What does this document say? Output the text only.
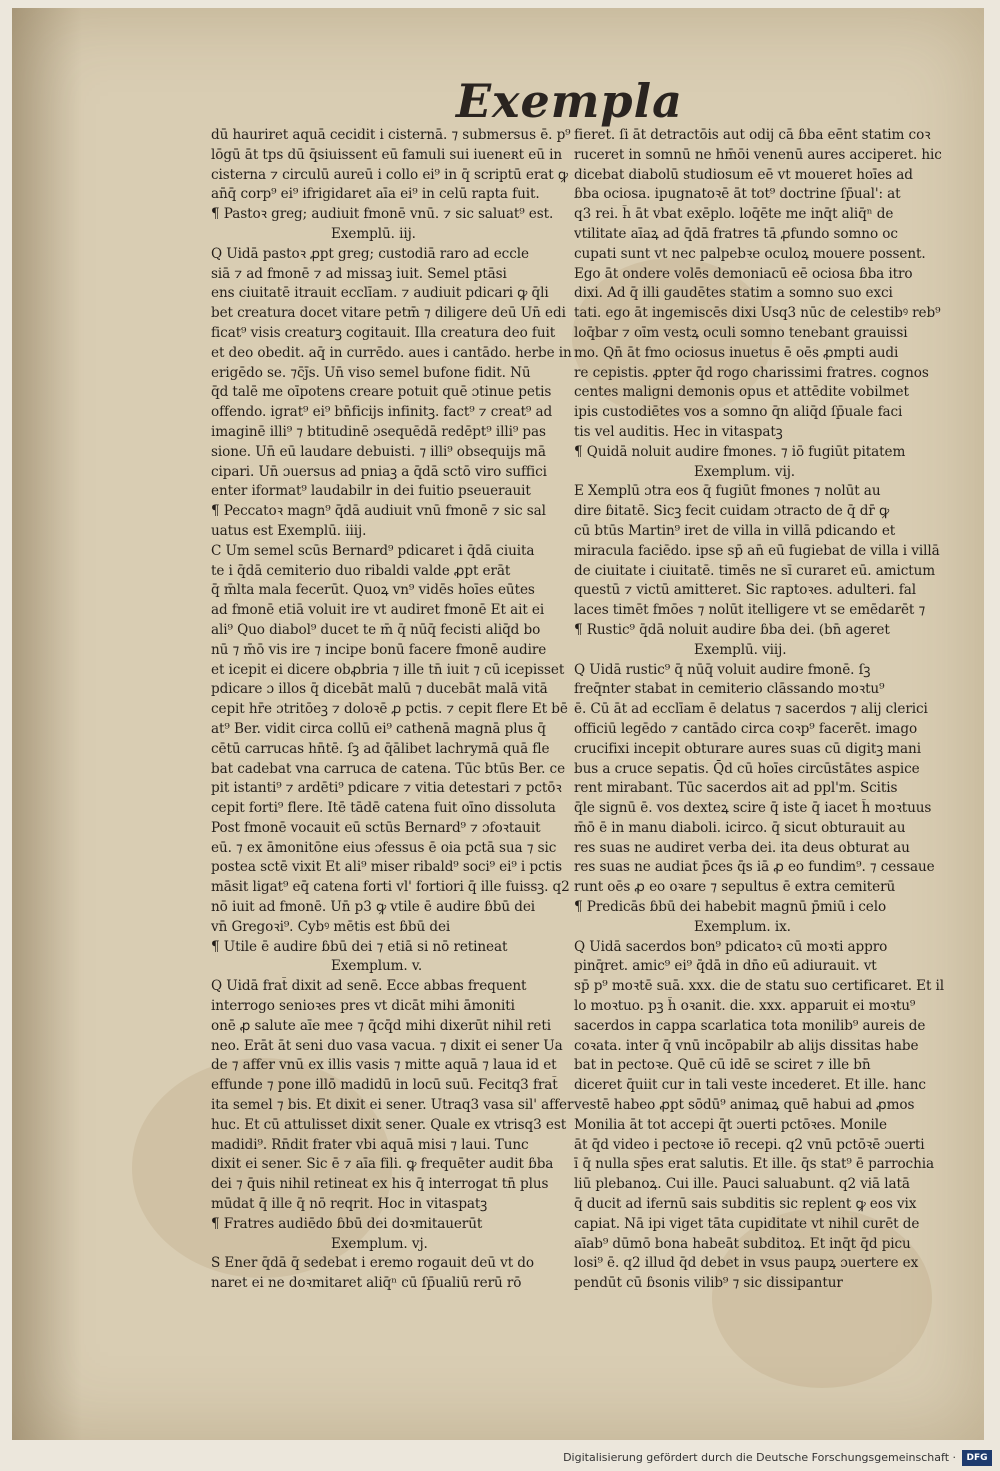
Exempla

dū hauriret aquā cecidit i cisternā. ⁊ submersus ē. p⁹

lōgū āt tps dū q̄siuissent eū famuli sui iueneʀt eū in

cisterna ⁊ circulū aureū i collo ei⁹ in q̄ scriptū erat ꝙ

an̄q̄ corp⁹ ei⁹ ifrigidaret aīa ei⁹ in celū rapta fuit.

¶ Pastoꝛ greg; audiuit fmonē vnū. ⁊ sic saluat⁹ est.

Exemplū. iij.

Q Uidā pastoꝛ ꝓpt greg; custodiā raro ad eccle

siā ⁊ ad fmonē ⁊ ad missaꝫ iuit. Semel ptāsi

ens ciuitatē itrauit ecclīam. ⁊ audiuit pdicari ꝙ q̄li

bet creatura docet vitare petm̄ ⁊ diligere deū Un̄ edi

ficat⁹ visis creaturꝫ cogitauit. Illa creatura deo fuit

et deo obedit. aq̄ in currēdo. aues i cantādo. herbe in

erigēdo se. ⁊c̄j̄s. Un̄ viso semel bufone fidit. Nū

q̄d talē me oīpotens creare potuit quē ɔtinue petis

offendo. igrat⁹ ei⁹ bn̄ficijs infinitꝫ. fact⁹ ⁊ creat⁹ ad

imaginē illi⁹ ⁊ btitudinē ɔsequēdā redēpt⁹ illi⁹ pas

sione. Un̄ eū laudare debuisti. ⁊ illi⁹ obsequijs mā

cipari. Un̄ ɔuersus ad pniaꝫ a q̄dā sctō viro suffici

enter iformat⁹ laudabilr in dei fuitio pseuerauit

¶ Peccatoꝛ magn⁹ q̄dā audiuit vnū fmonē ⁊ sic sal

uatus est Exemplū. iiij.

C Um semel scūs Bernard⁹ pdicaret i q̄dā ciuita

te i q̄dā cemiterio duo ribaldi valde ꝓpt erāt

q̄ m̄lta mala fecerūt. Quoꝝ vn⁹ vidēs hoīes eūtes

ad fmonē etiā voluit ire vt audiret fmonē Et ait ei

ali⁹ Quo diabol⁹ ducet te m̄ q̄ nūq̄ fecisti aliq̄d bo

nū ⁊ m̄ō vis ire ⁊ incipe bonū facere fmonē audire

et icepit ei dicere obꝓbria ⁊ ille tn̄ iuit ⁊ cū icepisset

pdicare ɔ illos q̄ dicebāt malū ⁊ ducebāt malā vitā

cepit hr̄e ɔtritōeꝫ ⁊ doloꝛē ꝓ pctis. ⁊ cepit flere Et bē

at⁹ Ber. vidit circa collū ei⁹ cathenā magnā plus q̄

cētū carrucas hn̄tē. ſꝫ ad q̄ālibet lachrymā quā fle

bat cadebat vna carruca de catena. Tūc btūs Ber. ce

pit istanti⁹ ⁊ ardēti⁹ pdicare ⁊ vitia detestari ⁊ pctōꝛ

cepit forti⁹ flere. Itē tādē catena fuit oīno dissoluta

Post fmonē vocauit eū sctūs Bernard⁹ ⁊ ɔfoꝛtauit

eū. ⁊ ex āmonitōne eius ɔfessus ē oia pctā sua ⁊ sic

postea sctē vixit Et ali⁹ miser ribald⁹ soci⁹ ei⁹ i pctis

māsit ligat⁹ eq̄ catena forti vl' fortiori q̄ ille fuissꝫ. q2

nō iuit ad fmonē. Un̄ p3 ꝙ vtile ē audire ɓbū dei

vn̄ Gregoꝛi⁹. Cybꝰ mētis est ɓbū dei

¶ Utile ē audire ɓbū dei ⁊ etiā si nō retineat

Exemplum. v.

Q Uidā frat̄ dixit ad senē. Ecce abbas frequent

interrogo senioꝛes pres vt dicāt mihi āmoniti

onē ꝓ salute aīe mee ⁊ q̄cq̄d mihi dixerūt nihil reti

neo. Erāt āt seni duo vasa vacua. ⁊ dixit ei sener Ua

de ⁊ affer vnū ex illis vasis ⁊ mitte aquā ⁊ laua id et

effunde ⁊ pone illō madidū in locū suū. Fecitq3 frat̄

ita semel ⁊ bis. Et dixit ei sener. Utraq3 vasa sil' affer

huc. Et cū attulisset dixit sener. Quale ex vtrisq3 est

madidi⁹. Rn̄dit frater vbi aquā misi ⁊ laui. Tunc

dixit ei sener. Sic ē ⁊ aīa fili. ꝙ frequēter audit ɓba

dei ⁊ q̄uis nihil retineat ex his q̄ interrogat tn̄ plus

mūdat q̄ ille q̄ nō reqrit. Hoc in vitaspatꝫ

¶ Fratres audiēdo ɓbū dei doꝛmitauerūt

Exemplum. vj.

S Ener q̄dā q̄ sedebat i eremo rogauit deū vt do

naret ei ne doꝛmitaret aliq̄ⁿ cū ſp̄ualiū rerū rō

fieret. ſi āt detractōis aut odij cā ɓba eēnt statim coꝛ

ruceret in somnū ne hm̄ōi venenū aures acciperet. hic

dicebat diabolū studiosum eē vt moueret hoīes ad

ɓba ociosa. ipugnatoꝛē āt tot⁹ doctrine ſp̄ual': at

q3 rei. h̄ āt vbat exēplo. loq̄ēte me inq̄t aliq̄ⁿ de

vtilitate aīaꝝ ad q̄dā fratres tā ꝓfundo somno oc

cupati sunt vt nec palpebꝛe oculoꝝ mouere possent.

Ego āt ondere volēs demoniacū eē ociosa ɓba itro

dixi. Ad q̄ illi gaudētes statim a somno suo exci

tati. ego āt ingemiscēs dixi Usq3 nūc de celestibꝰ reb⁹

loq̄bar ⁊ oīm vestꝝ oculi somno tenebant grauissi

mo. Qn̄ āt fmo ociosus inuetus ē oēs ꝓmpti audi

re cepistis. ꝓpter q̄d rogo charissimi fratres. cognos

centes maligni demonis opus et attēdite vobilmet

ipis custodiētes vos a somno q̄n aliq̄d ſp̄uale faci

tis vel auditis. Hec in vitaspatꝫ

¶ Quidā noluit audire fmones. ⁊ iō fugiūt pitatem

Exemplum. vij.

E Xemplū ɔtra eos q̄ fugiūt fmones ⁊ nolūt au

dire ɓitatē. Sicꝫ fecit cuidam ɔtracto de q̄ dr̄ ꝙ

cū btūs Martin⁹ iret de villa in villā pdicando et

miracula faciēdo. ipse sp̄ an̄ eū fugiebat de villa i villā

de ciuitate i ciuitatē. timēs ne sī curaret eū. amictum

questū ⁊ victū amitteret. Sic raptoꝛes. adulteri. fal

laces timēt fmōes ⁊ nolūt itelligere vt se emēdarēt ⁊

¶ Rustic⁹ q̄dā noluit audire ɓba dei. (bn̄ ageret

Exemplū. viij.

Q Uidā rustic⁹ q̄ nūq̄ voluit audire fmonē. ſꝫ

freq̄nter stabat in cemiterio clāssando moꝛtu⁹

ē. Cū āt ad ecclīam ē delatus ⁊ sacerdos ⁊ alij clerici

officiū legēdo ⁊ cantādo circa coꝛp⁹ facerēt. imago

crucifixi incepit obturare aures suas cū digitꝫ mani

bus a cruce sepatis. Q̄d cū hoīes circūstātes aspice

rent mirabant. Tūc sacerdos ait ad ppl'm. Scitis

q̄le signū ē. vos dexteꝝ scire q̄ iste q̄ iacet h̄ moꝛtuus

m̄ō ē in manu diaboli. icirco. q̄ sicut obturauit au

res suas ne audiret verba dei. ita deus obturat au

res suas ne audiat p̄ces q̄s iā ꝓ eo fundim⁹. ⁊ cessaue

runt oēs ꝓ eo oꝛare ⁊ sepultus ē extra cemiterū

¶ Predicās ɓbū dei habebit magnū p̄miū i celo

Exemplum. ix.

Q Uidā sacerdos bon⁹ pdicatoꝛ cū moꝛti appro

pinq̄ret. amic⁹ ei⁹ q̄dā in dn̄o eū adiurauit. vt

sp̄ p⁹ moꝛtē suā. xxx. die de statu suo certificaret. Et il

lo moꝛtuo. pꝫ h̄ oꝛanit. die. xxx. apparuit ei moꝛtu⁹

sacerdos in cappa scarlatica tota monilib⁹ aureis de

coꝛata. inter q̄ vnū incōpabilr ab alijs dissitas habe

bat in pectoꝛe. Quē cū idē se sciret ⁊ ille bn̄

diceret q̄uiit cur in tali veste incederet. Et ille. hanc

vestē habeo ꝓpt sōdū⁹ animaꝝ quē habui ad ꝓmos

Monilia āt tot accepi q̄t ɔuerti pctōꝛes. Monile

āt q̄d video i pectoꝛe iō recepi. q2 vnū pctōꝛē ɔuerti

ī q̄ nulla sp̄es erat salutis. Et ille. q̄s stat⁹ ē parrochia

liū plebanoꝝ. Cui ille. Pauci saluabunt. q2 viā latā

q̄ ducit ad ifernū sais subditis sic replent ꝙ eos vix

capiat. Nā ipi viget tāta cupiditate vt nihil curēt de

aīab⁹ dūmō bona habeāt subditoꝝ. Et inq̄t q̄d picu

losi⁹ ē. q2 illud q̄d debet in vsus paupꝝ ɔuertere ex

pendūt cū ɓsonis vilib⁹ ⁊ sic dissipantur

Digitalisierung gefördert durch die Deutsche Forschungsgemeinschaft ·	DFG
